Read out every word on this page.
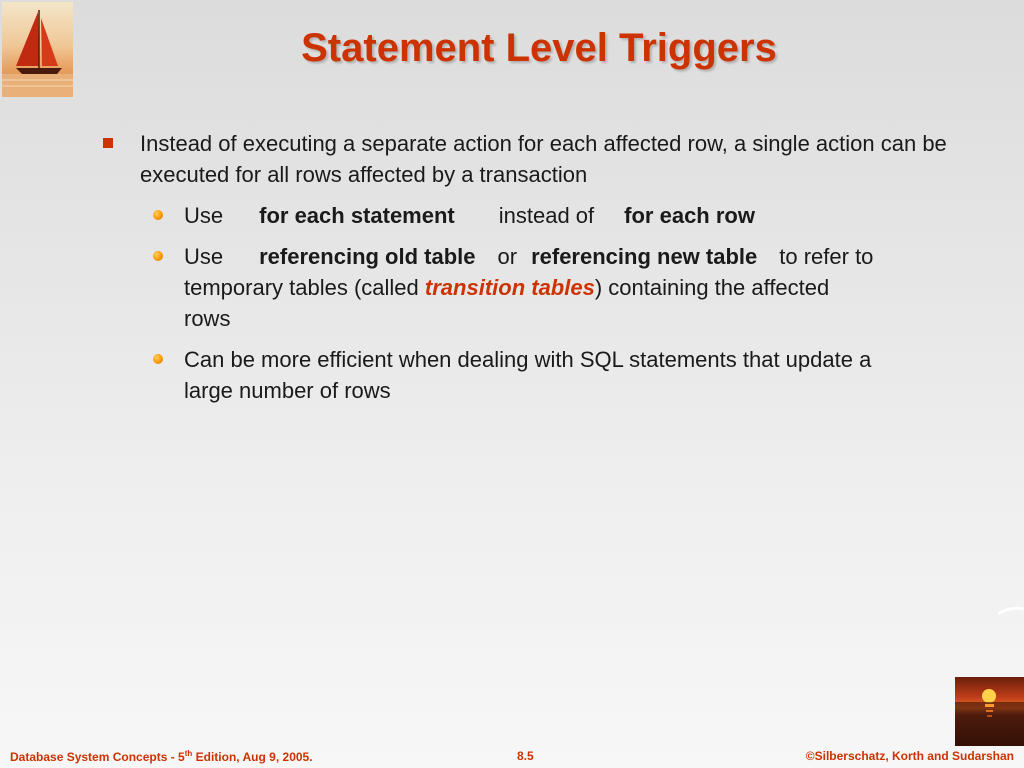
Statement Level Triggers
Instead of executing a separate action for each affected row, a single action can be executed for all rows affected by a transaction
Use for each statement instead of for each row
Use referencing old table or referencing new table to refer to temporary tables (called transition tables) containing the affected rows
Can be more efficient when dealing with SQL statements that update a large number of rows
Database System Concepts - 5th Edition, Aug 9, 2005.	8.5	©Silberschatz, Korth and Sudarshan
